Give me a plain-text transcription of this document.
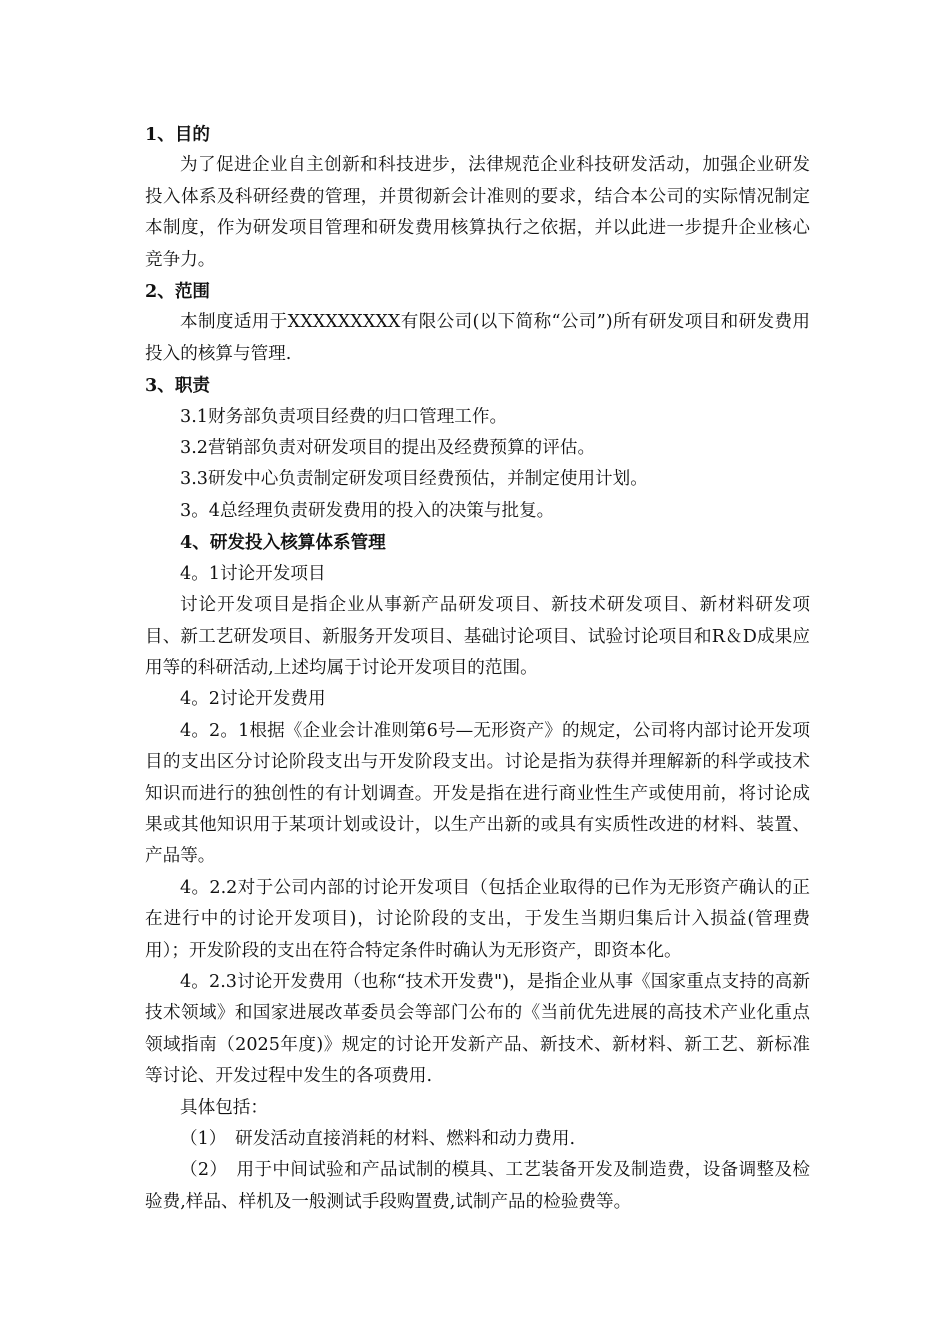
1、目的

为了促进企业自主创新和科技进步，法律规范企业科技研发活动，加强企业研发投入体系及科研经费的管理，并贯彻新会计准则的要求，结合本公司的实际情况制定本制度，作为研发项目管理和研发费用核算执行之依据，并以此进一步提升企业核心竞争力。

2、范围

本制度适用于XXXXXXXXX有限公司(以下简称“公司”)所有研发项目和研发费用投入的核算与管理.

3、职责

3.1财务部负责项目经费的归口管理工作。

3.2营销部负责对研发项目的提出及经费预算的评估。

3.3研发中心负责制定研发项目经费预估，并制定使用计划。

3。4总经理负责研发费用的投入的决策与批复。

4、研发投入核算体系管理

4。1讨论开发项目

讨论开发项目是指企业从事新产品研发项目、新技术研发项目、新材料研发项目、新工艺研发项目、新服务开发项目、基础讨论项目、试验讨论项目和R＆D成果应用等的科研活动,上述均属于讨论开发项目的范围。

4。2讨论开发费用

4。2。1根据《企业会计准则第6号—无形资产》的规定，公司将内部讨论开发项目的支出区分讨论阶段支出与开发阶段支出。讨论是指为获得并理解新的科学或技术知识而进行的独创性的有计划调查。开发是指在进行商业性生产或使用前，将讨论成果或其他知识用于某项计划或设计，以生产出新的或具有实质性改进的材料、装置、产品等。

4。2.2对于公司内部的讨论开发项目（包括企业取得的已作为无形资产确认的正在进行中的讨论开发项目)，讨论阶段的支出，于发生当期归集后计入损益(管理费用）；开发阶段的支出在符合特定条件时确认为无形资产，即资本化。

4。2.3讨论开发费用（也称“技术开发费")，是指企业从事《国家重点支持的高新技术领域》和国家进展改革委员会等部门公布的《当前优先进展的高技术产业化重点领域指南（2025年度)》规定的讨论开发新产品、新技术、新材料、新工艺、新标准等讨论、开发过程中发生的各项费用.

具体包括：

（1）　研发活动直接消耗的材料、燃料和动力费用.

（2）　用于中间试验和产品试制的模具、工艺装备开发及制造费，设备调整及检验费,样品、样机及一般测试手段购置费,试制产品的检验费等。
